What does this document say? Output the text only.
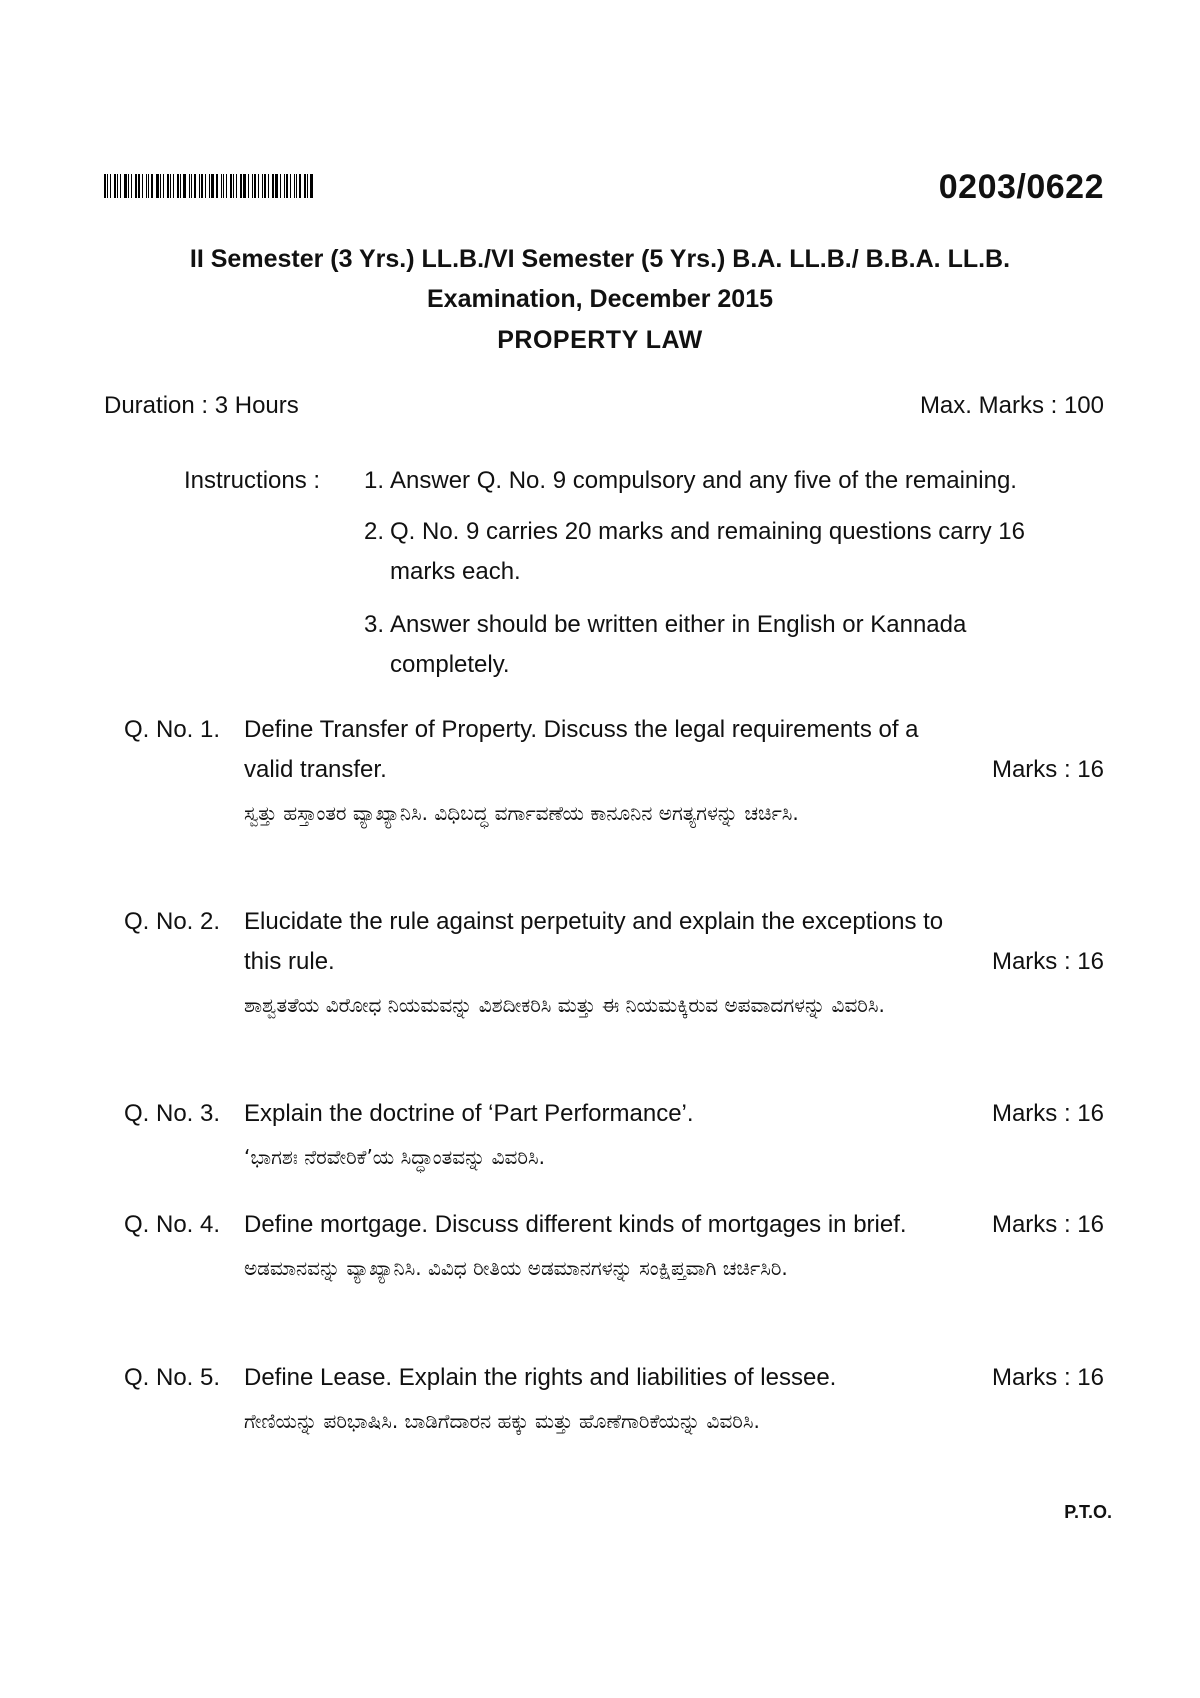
0203/0622
II Semester (3 Yrs.) LL.B./VI Semester (5 Yrs.) B.A. LL.B./ B.B.A. LL.B.
Examination, December 2015
PROPERTY LAW
Duration : 3 Hours	Max. Marks : 100
Instructions :	1. Answer Q. No. 9 compulsory and any five of the remaining.
2. Q. No. 9 carries 20 marks and remaining questions carry 16 marks each.
3. Answer should be written either in English or Kannada completely.
Q. No. 1. Define Transfer of Property. Discuss the legal requirements of a valid transfer.	Marks : 16
ಸ್ವತ್ತು ಹಸ್ತಾಂತರ ವ್ಯಾಖ್ಯಾನಿಸಿ. ವಿಧಿಬದ್ಧ ವರ್ಗಾವಣೆಯ ಕಾನೂನಿನ ಅಗತ್ಯಗಳನ್ನು ಚರ್ಚಿಸಿ.
Q. No. 2. Elucidate the rule against perpetuity and explain the exceptions to this rule.	Marks : 16
ಶಾಶ್ವತತೆಯ ವಿರೋಧ ನಿಯಮವನ್ನು ವಿಶದೀಕರಿಸಿ ಮತ್ತು ಈ ನಿಯಮಕ್ಕಿರುವ ಅಪವಾದಗಳನ್ನು ವಿವರಿಸಿ.
Q. No. 3. Explain the doctrine of ‘Part Performance’.	Marks : 16
‘ಭಾಗಶಃ ನೆರವೇರಿಕೆ’ಯ ಸಿದ್ಧಾಂತವನ್ನು ವಿವರಿಸಿ.
Q. No. 4. Define mortgage. Discuss different kinds of mortgages in brief.	Marks : 16
ಅಡಮಾನವನ್ನು ವ್ಯಾಖ್ಯಾನಿಸಿ. ವಿವಿಧ ರೀತಿಯ ಅಡಮಾನಗಳನ್ನು ಸಂಕ್ಷಿಪ್ತವಾಗಿ ಚರ್ಚಿಸಿರಿ.
Q. No. 5. Define Lease. Explain the rights and liabilities of lessee.	Marks : 16
ಗೇಣಿಯನ್ನು ಪರಿಭಾಷಿಸಿ. ಬಾಡಿಗೆದಾರನ ಹಕ್ಕು ಮತ್ತು ಹೊಣೆಗಾರಿಕೆಯನ್ನು ವಿವರಿಸಿ.
P.T.O.
